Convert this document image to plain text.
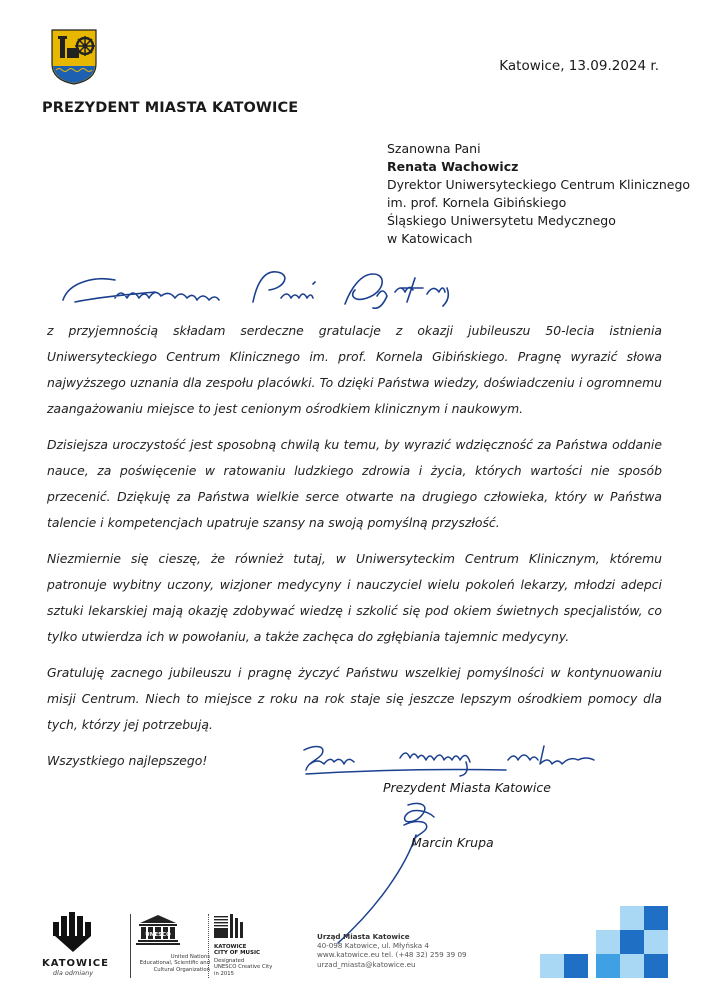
Katowice, 13.09.2024 r.
PREZYDENT MIASTA KATOWICE
Szanowna Pani
Renata Wachowicz
Dyrektor Uniwersyteckiego Centrum Klinicznego
im. prof. Kornela Gibińskiego
Śląskiego Uniwersytetu Medycznego
w Katowicach

z przyjemnością składam serdeczne gratulacje z okazji jubileuszu 50-lecia istnienia Uniwersyteckiego Centrum Klinicznego im. prof. Kornela Gibińskiego. Pragnę wyrazić słowa najwyższego uznania dla zespołu placówki. To dzięki Państwa wiedzy, doświadczeniu i ogromnemu zaangażowaniu miejsce to jest cenionym ośrodkiem klinicznym i naukowym.

Dzisiejsza uroczystość jest sposobną chwilą ku temu, by wyrazić wdzięczność za Państwa oddanie nauce, za poświęcenie w ratowaniu ludzkiego zdrowia i życia, których wartości nie sposób przecenić. Dziękuję za Państwa wielkie serce otwarte na drugiego człowieka, który w Państwa talencie i kompetencjach upatruje szansy na swoją pomyślną przyszłość.

Niezmiernie się cieszę, że również tutaj, w Uniwersyteckim Centrum Klinicznym, któremu patronuje wybitny uczony, wizjoner medycyny i nauczyciel wielu pokoleń lekarzy, młodzi adepci sztuki lekarskiej mają okazję zdobywać wiedzę i szkolić się pod okiem świetnych specjalistów, co tylko utwierdza ich w powołaniu, a także zachęca do zgłębiania tajemnic medycyny.

Gratuluję zacnego jubileuszu i pragnę życzyć Państwu wszelkiej pomyślności w kontynuowaniu misji Centrum. Niech to miejsce z roku na rok staje się jeszcze lepszym ośrodkiem pomocy dla tych, którzy jej potrzebują.

Wszystkiego najlepszego!

Prezydent Miasta Katowice
Marcin Krupa
KATOWICE
dla odmiany
UNESCO
United Nations
Educational, Scientific and
Cultural Organization
KATOWICE
CITY OF MUSIC
Designated
UNESCO Creative City
in 2015
Urząd Miasta Katowice
40-098 Katowice, ul. Młyńska 4
www.katowice.eu tel. (+48 32) 259 39 09
urzad_miasta@katowice.eu
